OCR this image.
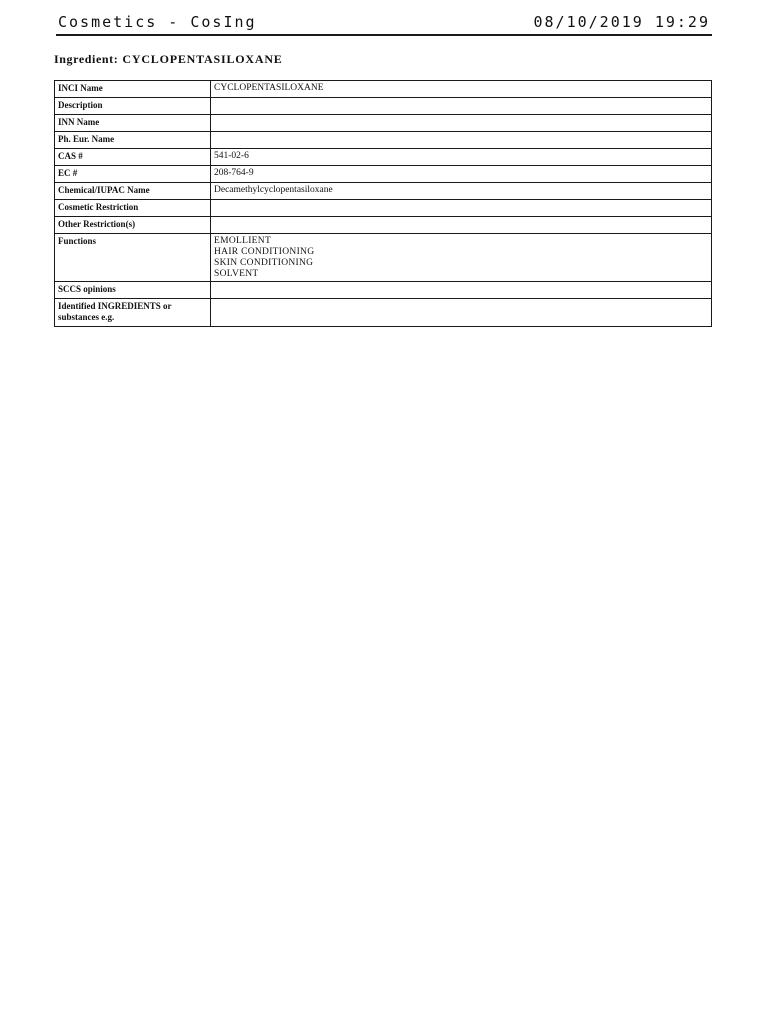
Cosmetics - CosIng	08/10/2019 19:29
Ingredient: CYCLOPENTASILOXANE
INCI Name	CYCLOPENTASILOXANE
Description	
INN Name	
Ph. Eur. Name	
CAS #	541-02-6
EC #	208-764-9
Chemical/IUPAC Name	Decamethylcyclopentasiloxane
Cosmetic Restriction	
Other Restriction(s)	
Functions	EMOLLIENT
HAIR CONDITIONING
SKIN CONDITIONING
SOLVENT

SCCS opinions	
Identified INGREDIENTS or substances e.g.	
